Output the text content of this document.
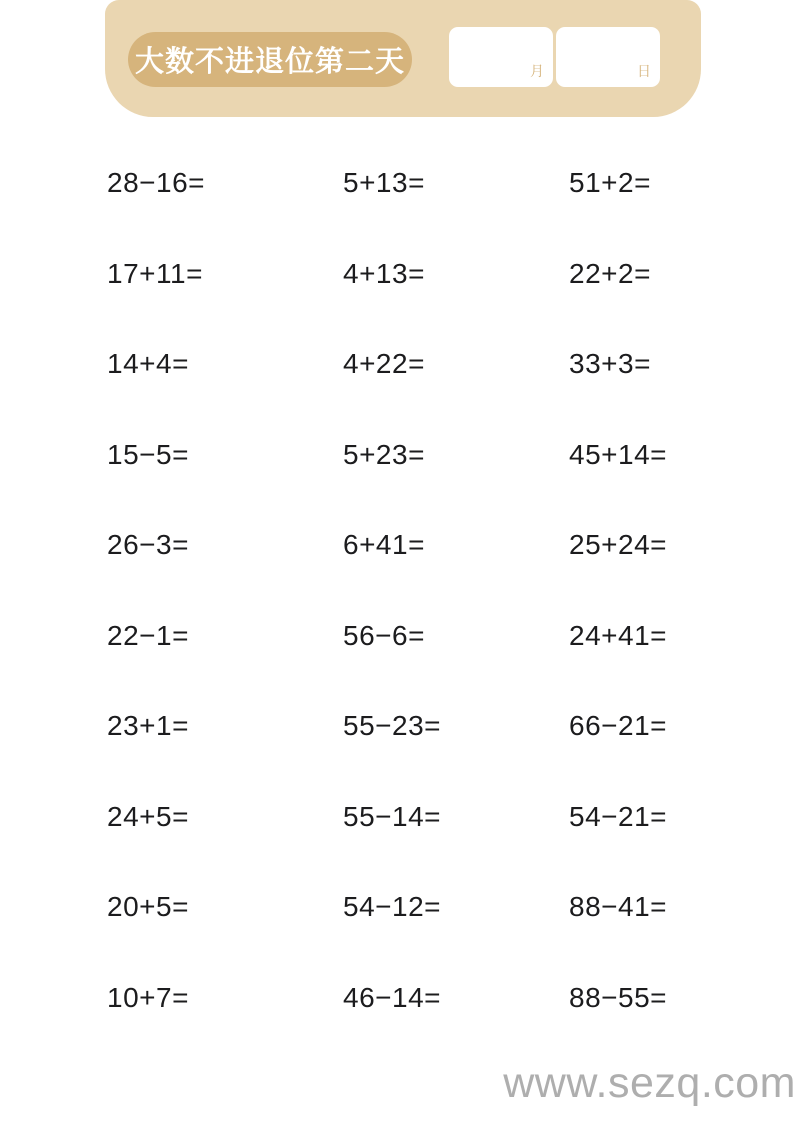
大数不进退位第二天	月	日
28−16=	5+13=	51+2=
17+11=	4+13=	22+2=
14+4=	4+22=	33+3=
15−5=	5+23=	45+14=
26−3=	6+41=	25+24=
22−1=	56−6=	24+41=
23+1=	55−23=	66−21=
24+5=	55−14=	54−21=
20+5=	54−12=	88−41=
10+7=	46−14=	88−55=
www.sezq.com
